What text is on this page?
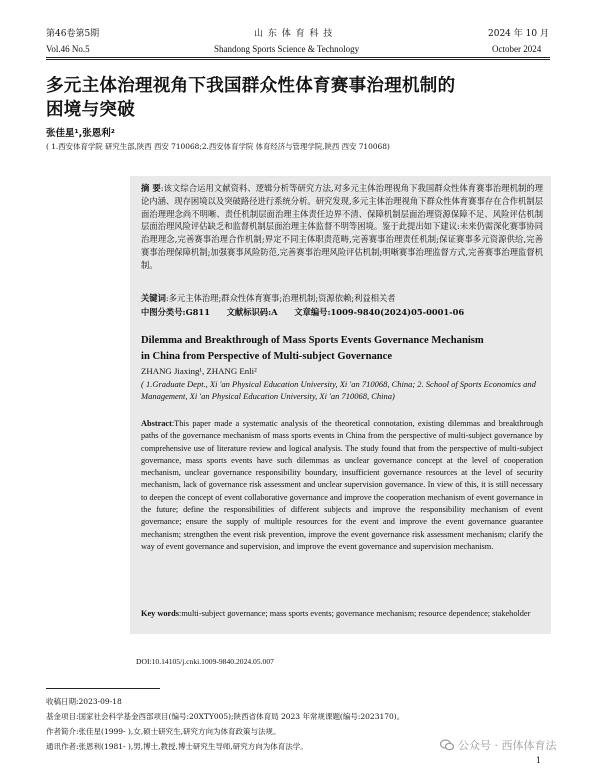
第46卷第5期	山 东 体 育 科 技	2024 年 10 月
Vol.46 No.5	Shandong Sports Science & Technology	October 2024
多元主体治理视角下我国群众性体育赛事治理机制的
困境与突破
张佳星¹,张恩利²
( 1.西安体育学院 研究生部,陕西 西安 710068;2.西安体育学院 体育经济与管理学院,陕西 西安 710068)
摘 要:该文综合运用文献资料、逻辑分析等研究方法,对多元主体治理视角下我国群众性体育赛事治理机制的理论内涵、现存困境以及突破路径进行系统分析。研究发现,多元主体治理视角下群众性体育赛事存在合作机制层面治理理念尚不明晰、责任机制层面治理主体责任边界不清、保障机制层面治理资源保障不足、风险评估机制层面治理风险评估缺乏和监督机制层面治理主体监督不明等困境。鉴于此提出如下建议:未来仍需深化赛事协同治理理念,完善赛事治理合作机制;界定不同主体职责范畴,完善赛事治理责任机制;保证赛事多元资源供给,完善赛事治理保障机制;加强赛事风险防范,完善赛事治理风险评估机制;明晰赛事治理监督方式,完善赛事治理监督机制。
关键词:多元主体治理;群众性体育赛事;治理机制;资源依赖;利益相关者
中图分类号:G811 文献标识码:A 文章编号:1009-9840(2024)05-0001-06
Dilemma and Breakthrough of Mass Sports Events Governance Mechanism
in China from Perspective of Multi-subject Governance
ZHANG Jiaxing¹, ZHANG Enli²
( 1.Graduate Dept., Xi 'an Physical Education University, Xi 'an 710068, China; 2. School of Sports Economics and Management, Xi 'an Physical Education University, Xi 'an 710068, China)
Abstract:This paper made a systematic analysis of the theoretical connotation, existing dilemmas and breakthrough paths of the governance mechanism of mass sports events in China from the perspective of multi-subject governance by comprehensive use of literature review and logical analysis. The study found that from the perspective of multi-subject governance, mass sports events have such dilemmas as unclear governance concept at the level of cooperation mechanism, unclear governance responsibility boundary, insufficient governance resources at the level of security mechanism, lack of governance risk assessment and unclear supervision governance. In view of this, it is still necessary to deepen the concept of event collaborative governance and improve the cooperation mechanism of event governance in the future; define the responsibilities of different subjects and improve the responsibility mechanism of event governance; ensure the supply of multiple resources for the event and improve the event governance guarantee mechanism; strengthen the event risk prevention, improve the event governance risk assessment mechanism; clarify the way of event governance and supervision, and improve the event governance and supervision mechanism.
Key words:multi-subject governance; mass sports events; governance mechanism; resource dependence; stakeholder
DOI:10.14105/j.cnki.1009-9840.2024.05.007
收稿日期:2023-09-18
基金项目:国家社会科学基金西部项目(编号:20XTY005);陕西省体育局 2023 年常规课题(编号:2023170)。
作者简介:张佳星(1999- ),女,硕士研究生,研究方向为体育政策与法规。
通讯作者:张恩利(1981- ),男,博士,教授,博士研究生导师,研究方向为体育法学。	公众号 · 西体体育法
1
